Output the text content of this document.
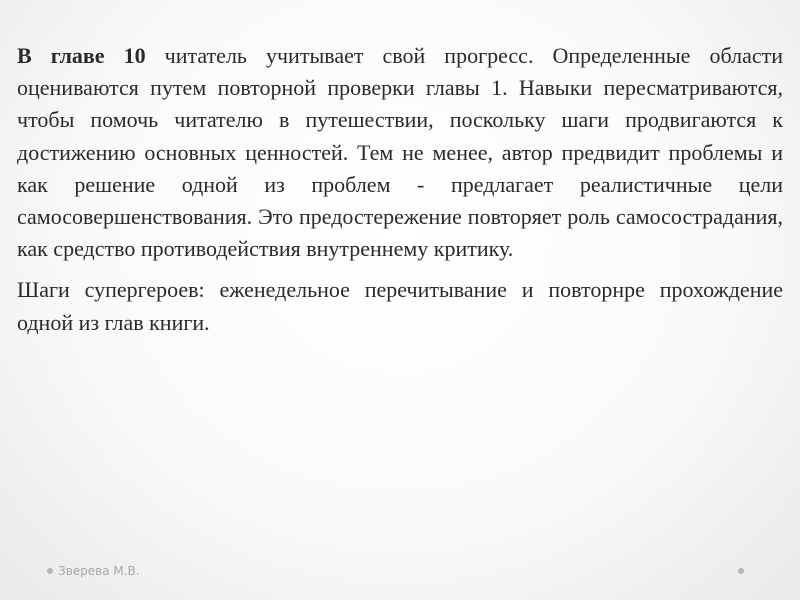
В главе 10 читатель учитывает свой прогресс. Определенные области оцениваются путем повторной проверки главы 1. Навыки пересматриваются, чтобы помочь читателю в путешествии, поскольку шаги продвигаются к достижению основных ценностей. Тем не менее, автор предвидит проблемы и как решение одной из проблем - предлагает реалистичные цели самосовершенствования. Это предостережение повторяет роль самосострадания, как средство противодействия внутреннему критику.

Шаги супергероев: еженедельное перечитывание и повторнре прохождение одной из глав книги.

Зверева М.В.
